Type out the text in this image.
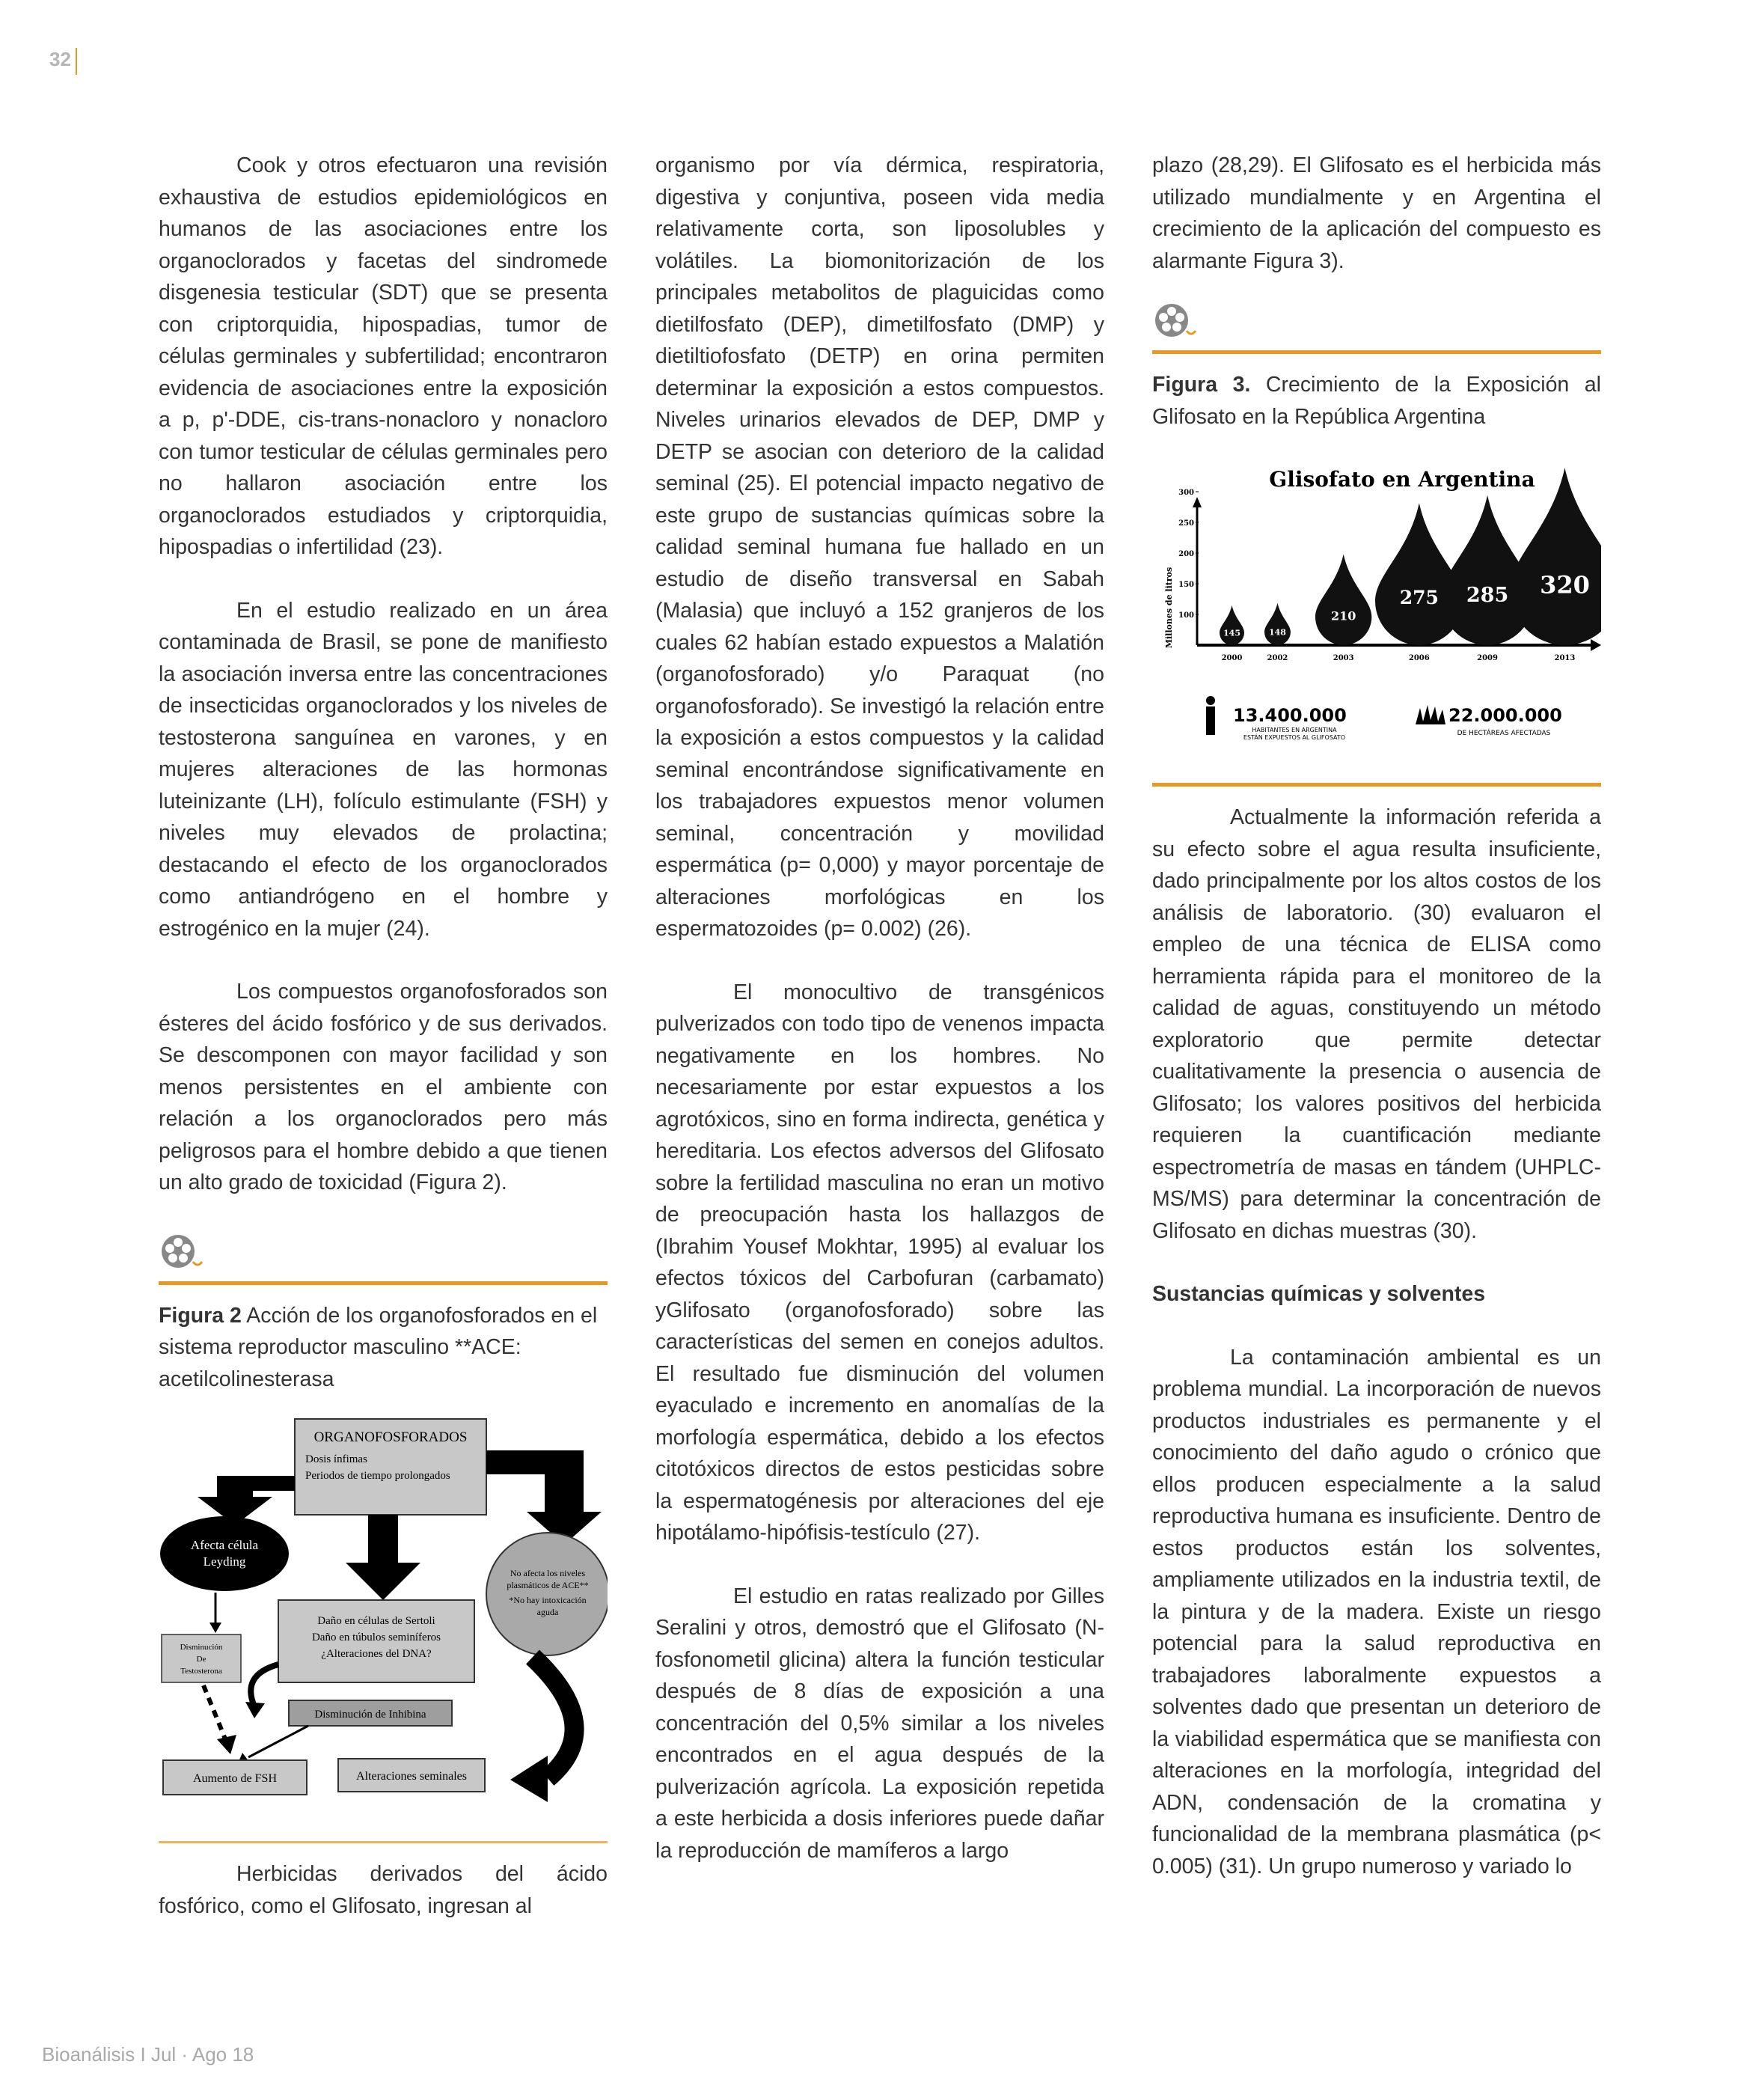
32

Cook y otros efectuaron una revisión exhaustiva de estudios epidemiológicos en humanos de las asociaciones entre los organoclorados y facetas del sindromede disgenesia testicular (SDT) que se presenta con criptorquidia, hipospadias, tumor de células germinales y subfertilidad; encontraron evidencia de asociaciones entre la exposición a p, p'-DDE, cis-trans-nonacloro y nonacloro con tumor testicular de células germinales pero no hallaron asociación entre los organoclorados estudiados y criptorquidia, hipospadias o infertilidad (23).

En el estudio realizado en un área contaminada de Brasil, se pone de manifiesto la asociación inversa entre las concentraciones de insecticidas organoclorados y los niveles de testosterona sanguínea en varones, y en mujeres alteraciones de las hormonas luteinizante (LH), folículo estimulante (FSH) y niveles muy elevados de prolactina; destacando el efecto de los organoclorados como antiandrógeno en el hombre y estrogénico en la mujer (24).

Los compuestos organofosforados son ésteres del ácido fosfórico y de sus derivados. Se descomponen con mayor facilidad y son menos persistentes en el ambiente con relación a los organoclorados pero más peligrosos para el hombre debido a que tienen un alto grado de toxicidad (Figura 2).

Figura 2 Acción de los organofosforados en el sistema reproductor masculino **ACE: acetilcolinesterasa
ORGANOFOSFORADOS
Dosis ínfimas
Periodos de tiempo prolongados
Afecta célula
Leyding
No afecta los niveles
plasmáticos de ACE**
*No hay intoxicación
aguda
Daño en células de Sertoli
Daño en túbulos seminíferos
¿Alteraciones del DNA?
Disminución
De
Testosterona
Disminución de Inhibina
Aumento de FSH	Alteraciones seminales

Herbicidas derivados del ácido fosfórico, como el Glifosato, ingresan al

organismo por vía dérmica, respiratoria, digestiva y conjuntiva, poseen vida media relativamente corta, son liposolubles y volátiles. La biomonitorización de los principales metabolitos de plaguicidas como dietilfosfato (DEP), dimetilfosfato (DMP) y dietiltiofosfato (DETP) en orina permiten determinar la exposición a estos compuestos. Niveles urinarios elevados de DEP, DMP y DETP se asocian con deterioro de la calidad seminal (25). El potencial impacto negativo de este grupo de sustancias químicas sobre la calidad seminal humana fue hallado en un estudio de diseño transversal en Sabah (Malasia) que incluyó a 152 granjeros de los cuales 62 habían estado expuestos a Malatión (organofosforado) y/o Paraquat (no organofosforado). Se investigó la relación entre la exposición a estos compuestos y la calidad seminal encontrándose significativamente en los trabajadores expuestos menor volumen seminal, concentración y movilidad espermática (p= 0,000) y mayor porcentaje de alteraciones morfológicas en los espermatozoides (p= 0.002) (26).

El monocultivo de transgénicos pulverizados con todo tipo de venenos impacta negativamente en los hombres. No necesariamente por estar expuestos a los agrotóxicos, sino en forma indirecta, genética y hereditaria. Los efectos adversos del Glifosato sobre la fertilidad masculina no eran un motivo de preocupación hasta los hallazgos de (Ibrahim Yousef Mokhtar, 1995) al evaluar los efectos tóxicos del Carbofuran (carbamato) yGlifosato (organofosforado) sobre las características del semen en conejos adultos. El resultado fue disminución del volumen eyaculado e incremento en anomalías de la morfología espermática, debido a los efectos citotóxicos directos de estos pesticidas sobre la espermatogénesis por alteraciones del eje hipotálamo-hipófisis-testículo (27).

El estudio en ratas realizado por Gilles Seralini y otros, demostró que el Glifosato (N-fosfonometil glicina) altera la función testicular después de 8 días de exposición a una concentración del 0,5% similar a los niveles encontrados en el agua después de la pulverización agrícola. La exposición repetida a este herbicida a dosis inferiores puede dañar la reproducción de mamíferos a largo

plazo (28,29). El Glifosato es el herbicida más utilizado mundialmente y en Argentina el crecimiento de la aplicación del compuesto es alarmante Figura 3).

Figura 3. Crecimiento de la Exposición al Glifosato en la República Argentina
Glisofato en Argentina
Millones de litros
300
250
200
150
100
145	148
210
275 285 320
2000	2002	2003	2006	2009	2013
13.400.000
HABITANTES EN ARGENTINA
ESTÁN EXPUESTOS AL GLIFOSATO
22.000.000
DE HECTÁREAS AFECTADAS

Actualmente la información referida a su efecto sobre el agua resulta insuficiente, dado principalmente por los altos costos de los análisis de laboratorio. (30) evaluaron el empleo de una técnica de ELISA como herramienta rápida para el monitoreo de la calidad de aguas, constituyendo un método exploratorio que permite detectar cualitativamente la presencia o ausencia de Glifosato; los valores positivos del herbicida requieren la cuantificación mediante espectrometría de masas en tándem (UHPLC-MS/MS) para determinar la concentración de Glifosato en dichas muestras (30).

Sustancias químicas y solventes

La contaminación ambiental es un problema mundial. La incorporación de nuevos productos industriales es permanente y el conocimiento del daño agudo o crónico que ellos producen especialmente a la salud reproductiva humana es insuficiente. Dentro de estos productos están los solventes, ampliamente utilizados en la industria textil, de la pintura y de la madera. Existe un riesgo potencial para la salud reproductiva en trabajadores laboralmente expuestos a solventes dado que presentan un deterioro de la viabilidad espermática que se manifiesta con alteraciones en la morfología, integridad del ADN, condensación de la cromatina y funcionalidad de la membrana plasmática (p< 0.005) (31). Un grupo numeroso y variado lo

Bioanálisis I Jul · Ago 18
